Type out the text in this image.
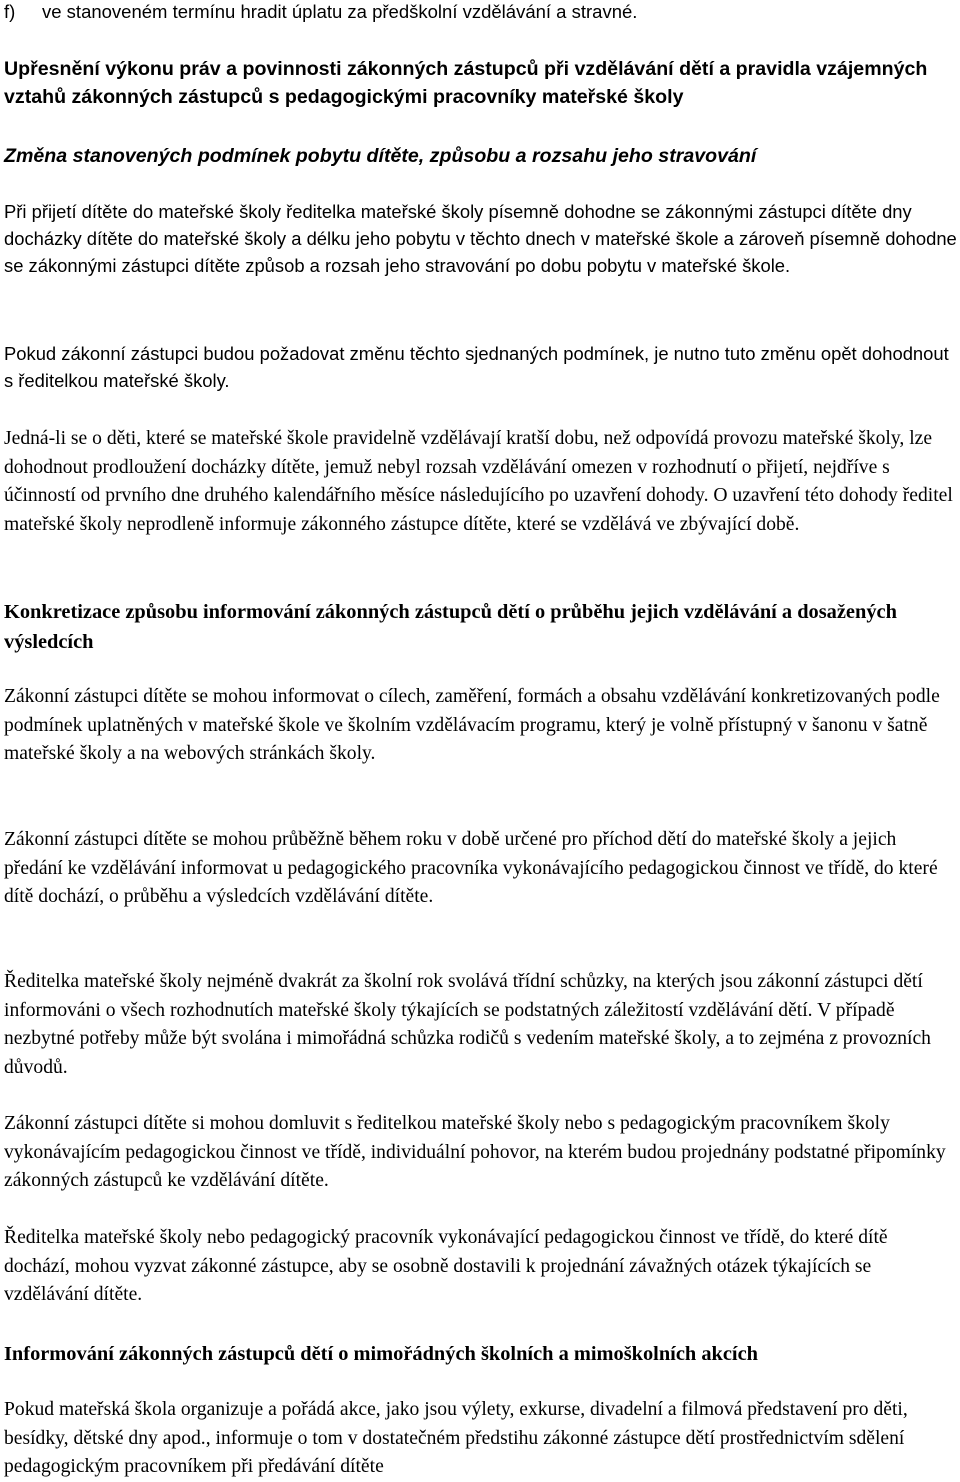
f) ve stanoveném termínu hradit úplatu za předškolní vzdělávání a stravné.
Upřesnění výkonu práv a povinnosti zákonných zástupců při vzdělávání dětí a pravidla vzájemných vztahů zákonných zástupců s pedagogickými pracovníky mateřské školy
Změna stanovených podmínek pobytu dítěte, způsobu a rozsahu jeho stravování
Při přijetí dítěte do mateřské školy ředitelka mateřské školy písemně dohodne se zákonnými zástupci dítěte dny docházky dítěte do mateřské školy a délku jeho pobytu v těchto dnech v mateřské škole a zároveň písemně dohodne se zákonnými zástupci dítěte způsob a rozsah jeho stravování po dobu pobytu v mateřské škole.
Pokud zákonní zástupci budou požadovat změnu těchto sjednaných podmínek, je nutno tuto změnu opět dohodnout s ředitelkou mateřské školy.
Jedná-li se o děti, které se mateřské škole pravidelně vzdělávají kratší dobu, než odpovídá provozu mateřské školy, lze dohodnout prodloužení docházky dítěte, jemuž nebyl rozsah vzdělávání omezen v rozhodnutí o přijetí, nejdříve s účinností od prvního dne druhého kalendářního měsíce následujícího po uzavření dohody. O uzavření této dohody ředitel mateřské školy neprodleně informuje zákonného zástupce dítěte, které se vzdělává ve zbývající době.
Konkretizace způsobu informování zákonných zástupců dětí o průběhu jejich vzdělávání a dosažených výsledcích
Zákonní zástupci dítěte se mohou informovat o cílech, zaměření, formách a obsahu vzdělávání konkretizovaných podle podmínek uplatněných v mateřské škole ve školním vzdělávacím programu, který je volně přístupný v šanonu v šatně mateřské školy a na webových stránkách školy.
Zákonní zástupci dítěte se mohou průběžně během roku v době určené pro příchod dětí do mateřské školy a jejich předání ke vzdělávání informovat u pedagogického pracovníka vykonávajícího pedagogickou činnost ve třídě, do které dítě dochází, o průběhu a výsledcích vzdělávání dítěte.
Ředitelka mateřské školy nejméně dvakrát za školní rok svolává třídní schůzky, na kterých jsou zákonní zástupci dětí informováni o všech rozhodnutích mateřské školy týkajících se podstatných záležitostí vzdělávání dětí. V případě nezbytné potřeby může být svolána i mimořádná schůzka rodičů s vedením mateřské školy, a to zejména z provozních důvodů.
Zákonní zástupci dítěte si mohou domluvit s ředitelkou mateřské školy nebo s pedagogickým pracovníkem školy vykonávajícím pedagogickou činnost ve třídě, individuální pohovor, na kterém budou projednány podstatné připomínky zákonných zástupců ke vzdělávání dítěte.
Ředitelka mateřské školy nebo pedagogický pracovník vykonávající pedagogickou činnost ve třídě, do které dítě dochází, mohou vyzvat zákonné zástupce, aby se osobně dostavili k projednání závažných otázek týkajících se vzdělávání dítěte.
Informování zákonných zástupců dětí o mimořádných školních a mimoškolních akcích
Pokud mateřská škola organizuje a pořádá akce, jako jsou výlety, exkurse, divadelní a filmová představení pro děti, besídky, dětské dny apod., informuje o tom v dostatečném předstihu zákonné zástupce dětí prostřednictvím sdělení pedagogickým pracovníkem při předávání dítěte
